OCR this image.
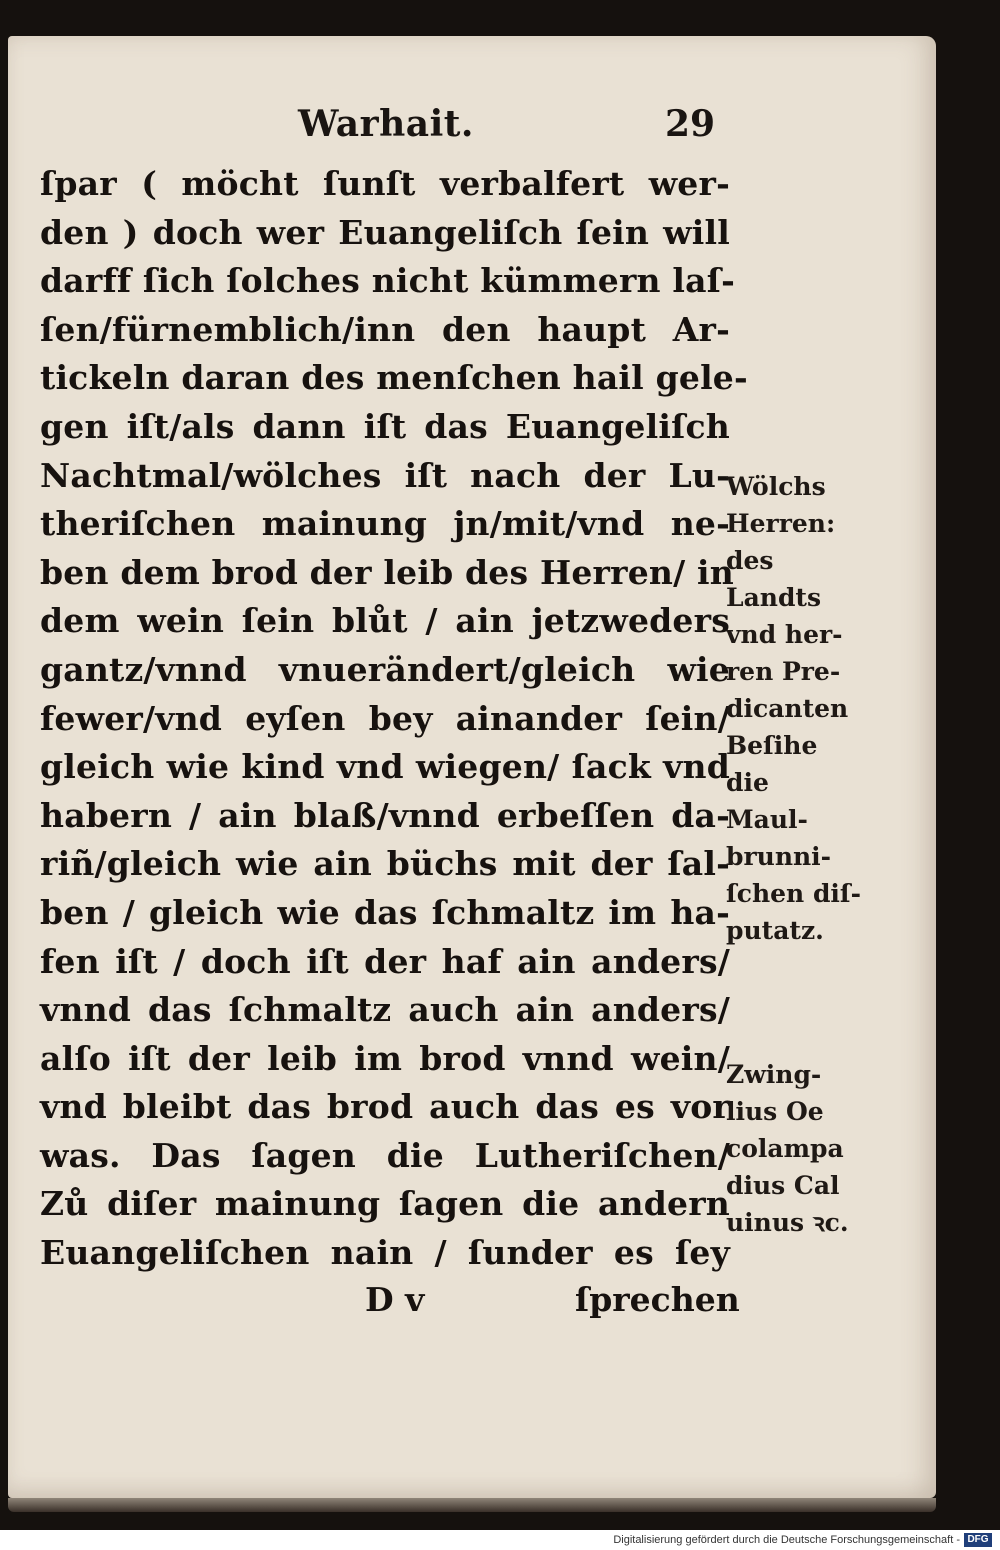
Warhait.	29
ſpar ( möcht ſunſt verbalfert wer-
den ) doch wer Euangeliſch ſein will
darff ſich ſolches nicht kümmern laſ-
ſen/fürnemblich/inn den haupt Ar-
tickeln daran des menſchen hail gele-
gen iſt/als dann iſt das Euangeliſch
Nachtmal/wölches iſt nach der Lu-
theriſchen mainung jn/mit/vnd ne-
ben dem brod der leib des Herren/ in
dem wein ſein blůt / ain jetzweders
gantz/vnnd vnuerändert/gleich wie
fewer/vnd eyſen bey ainander ſein/
gleich wie kind vnd wiegen/ ſack vnd
habern / ain blaß/vnnd erbeſſen da-
riñ/gleich wie ain büchs mit der ſal-
ben / gleich wie das ſchmaltz im ha-
fen iſt / doch iſt der haf ain anders/
vnnd das ſchmaltz auch ain anders/
alſo iſt der leib im brod vnnd wein/
vnd bleibt das brod auch das es vor
was. Das ſagen die Lutheriſchen/
Zů diſer mainung ſagen die andern
Euangeliſchen nain / ſunder es ſey
D v	ſprechen
Wölchs
Herren:
des
Landts
vnd her-
ren Pre-
dicanten
Beſihe
die
Maul-
brunni-
ſchen diſ-
putatz.
Zwing-
lius Oe
colampa
dius Cal
uinus ꝛc.
Digitalisierung gefördert durch die Deutsche Forschungsgemeinschaft - DFG
